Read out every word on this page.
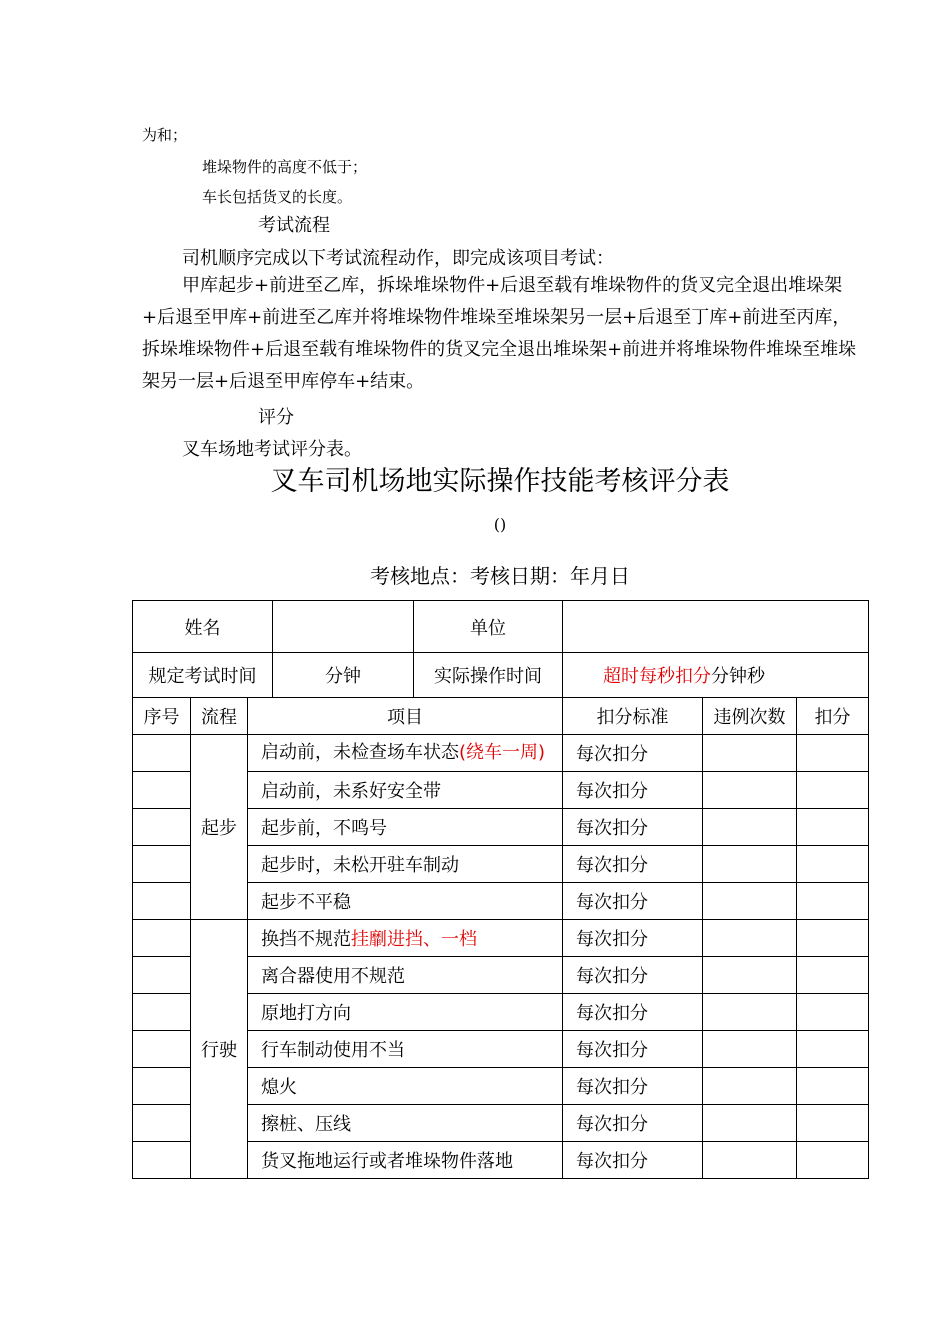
为和；
堆垛物件的高度不低于；
车长包括货叉的长度。
考试流程
司机顺序完成以下考试流程动作，即完成该项目考试：
甲库起步+前进至乙库，拆垛堆垛物件+后退至载有堆垛物件的货叉完全退出堆垛架+后退至甲库+前进至乙库并将堆垛物件堆垛至堆垛架另一层+后退至丁库+前进至丙库，拆垛堆垛物件+后退至载有堆垛物件的货叉完全退出堆垛架+前进并将堆垛物件堆垛至堆垛架另一层+后退至甲库停车+结束。
评分
叉车场地考试评分表。
叉车司机场地实际操作技能考核评分表
()
考核地点：考核日期：年月日
姓名				单位			
规定考试时间			分钟	实际操作时间	超时每秒扣分分钟秒		
序号	流程	项目			扣分标准	违例次数	扣分
	起步	启动前，未检查场车状态(绕车一周)			每次扣分		
		启动前，未系好安全带			每次扣分		
		起步前，不鸣号			每次扣分		
		起步时，未松开驻车制动			每次扣分		
		起步不平稳			每次扣分		
	行驶	换挡不规范挂劘进挡、一档			每次扣分		
		离合器使用不规范			每次扣分		
		原地打方向			每次扣分		
		行车制动使用不当			每次扣分		
		熄火			每次扣分		
		擦桩、压线			每次扣分		
		货叉拖地运行或者堆垛物件落地			每次扣分		
